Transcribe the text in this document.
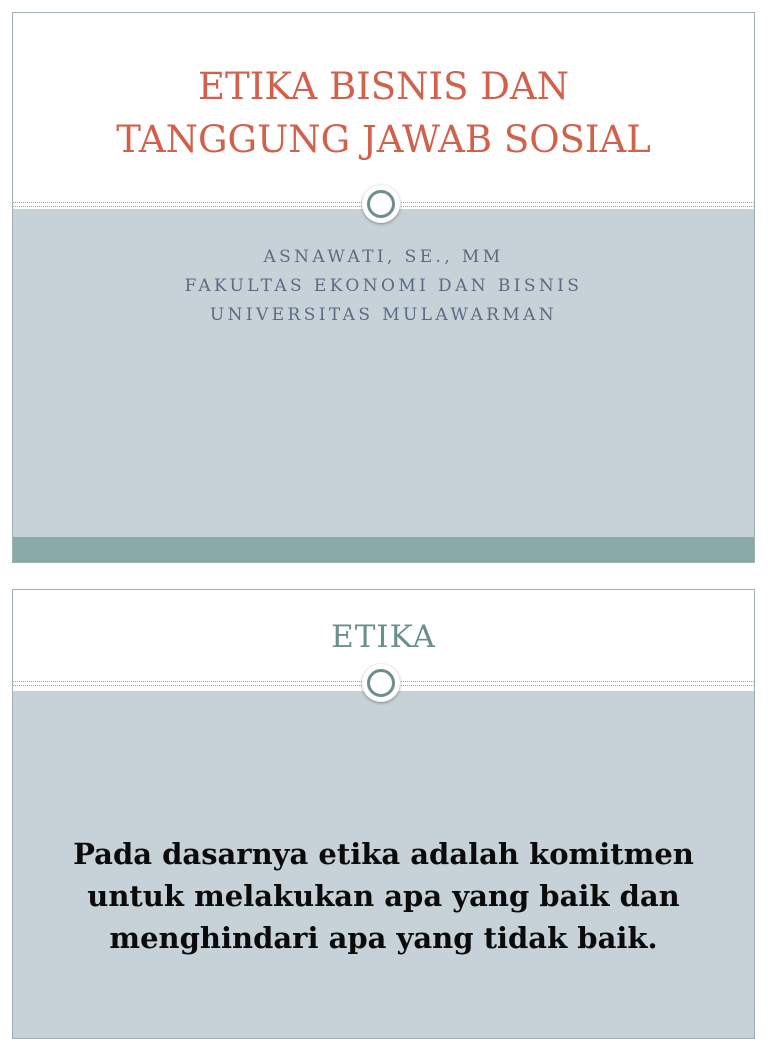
ETIKA BISNIS DAN
TANGGUNG JAWAB SOSIAL
ASNAWATI, SE., MM
FAKULTAS EKONOMI DAN BISNIS
UNIVERSITAS MULAWARMAN
ETIKA
Pada dasarnya etika adalah komitmen
untuk melakukan apa yang baik dan
menghindari apa yang tidak baik.
